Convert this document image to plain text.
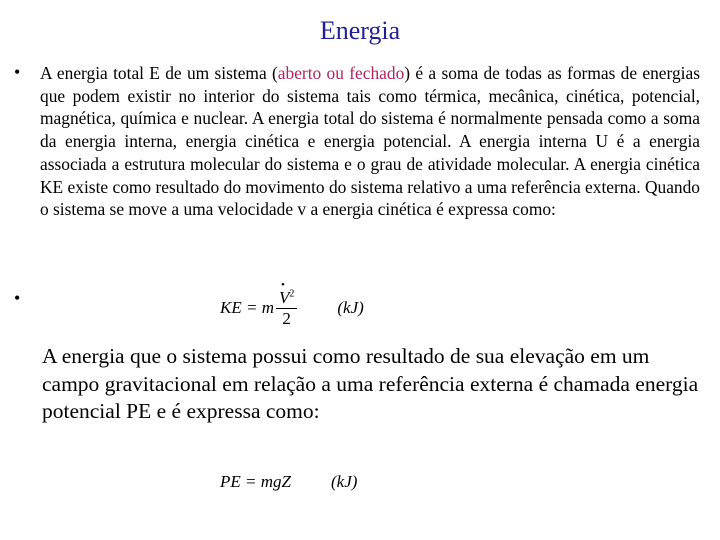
Energia
• A energia total E de um sistema (aberto ou fechado) é a soma de todas as formas de energias que podem existir no interior do sistema tais como térmica, mecânica, cinética, potencial, magnética, química e nuclear. A energia total do sistema é normalmente pensada como a soma da energia interna, energia cinética e energia potencial. A energia interna U é a energia associada a estrutura molecular do sistema e o grau de atividade molecular. A energia cinética KE existe como resultado do movimento do sistema relativo a uma referência externa. Quando o sistema se move a uma velocidade v a energia cinética é expressa como:

•	KE = m •
$V^2$
2 (kJ)

A energia que o sistema possui como resultado de sua elevação em um campo gravitacional em relação a uma referência externa é chamada energia potencial PE e é expressa como:

PE = mgZ (kJ)
